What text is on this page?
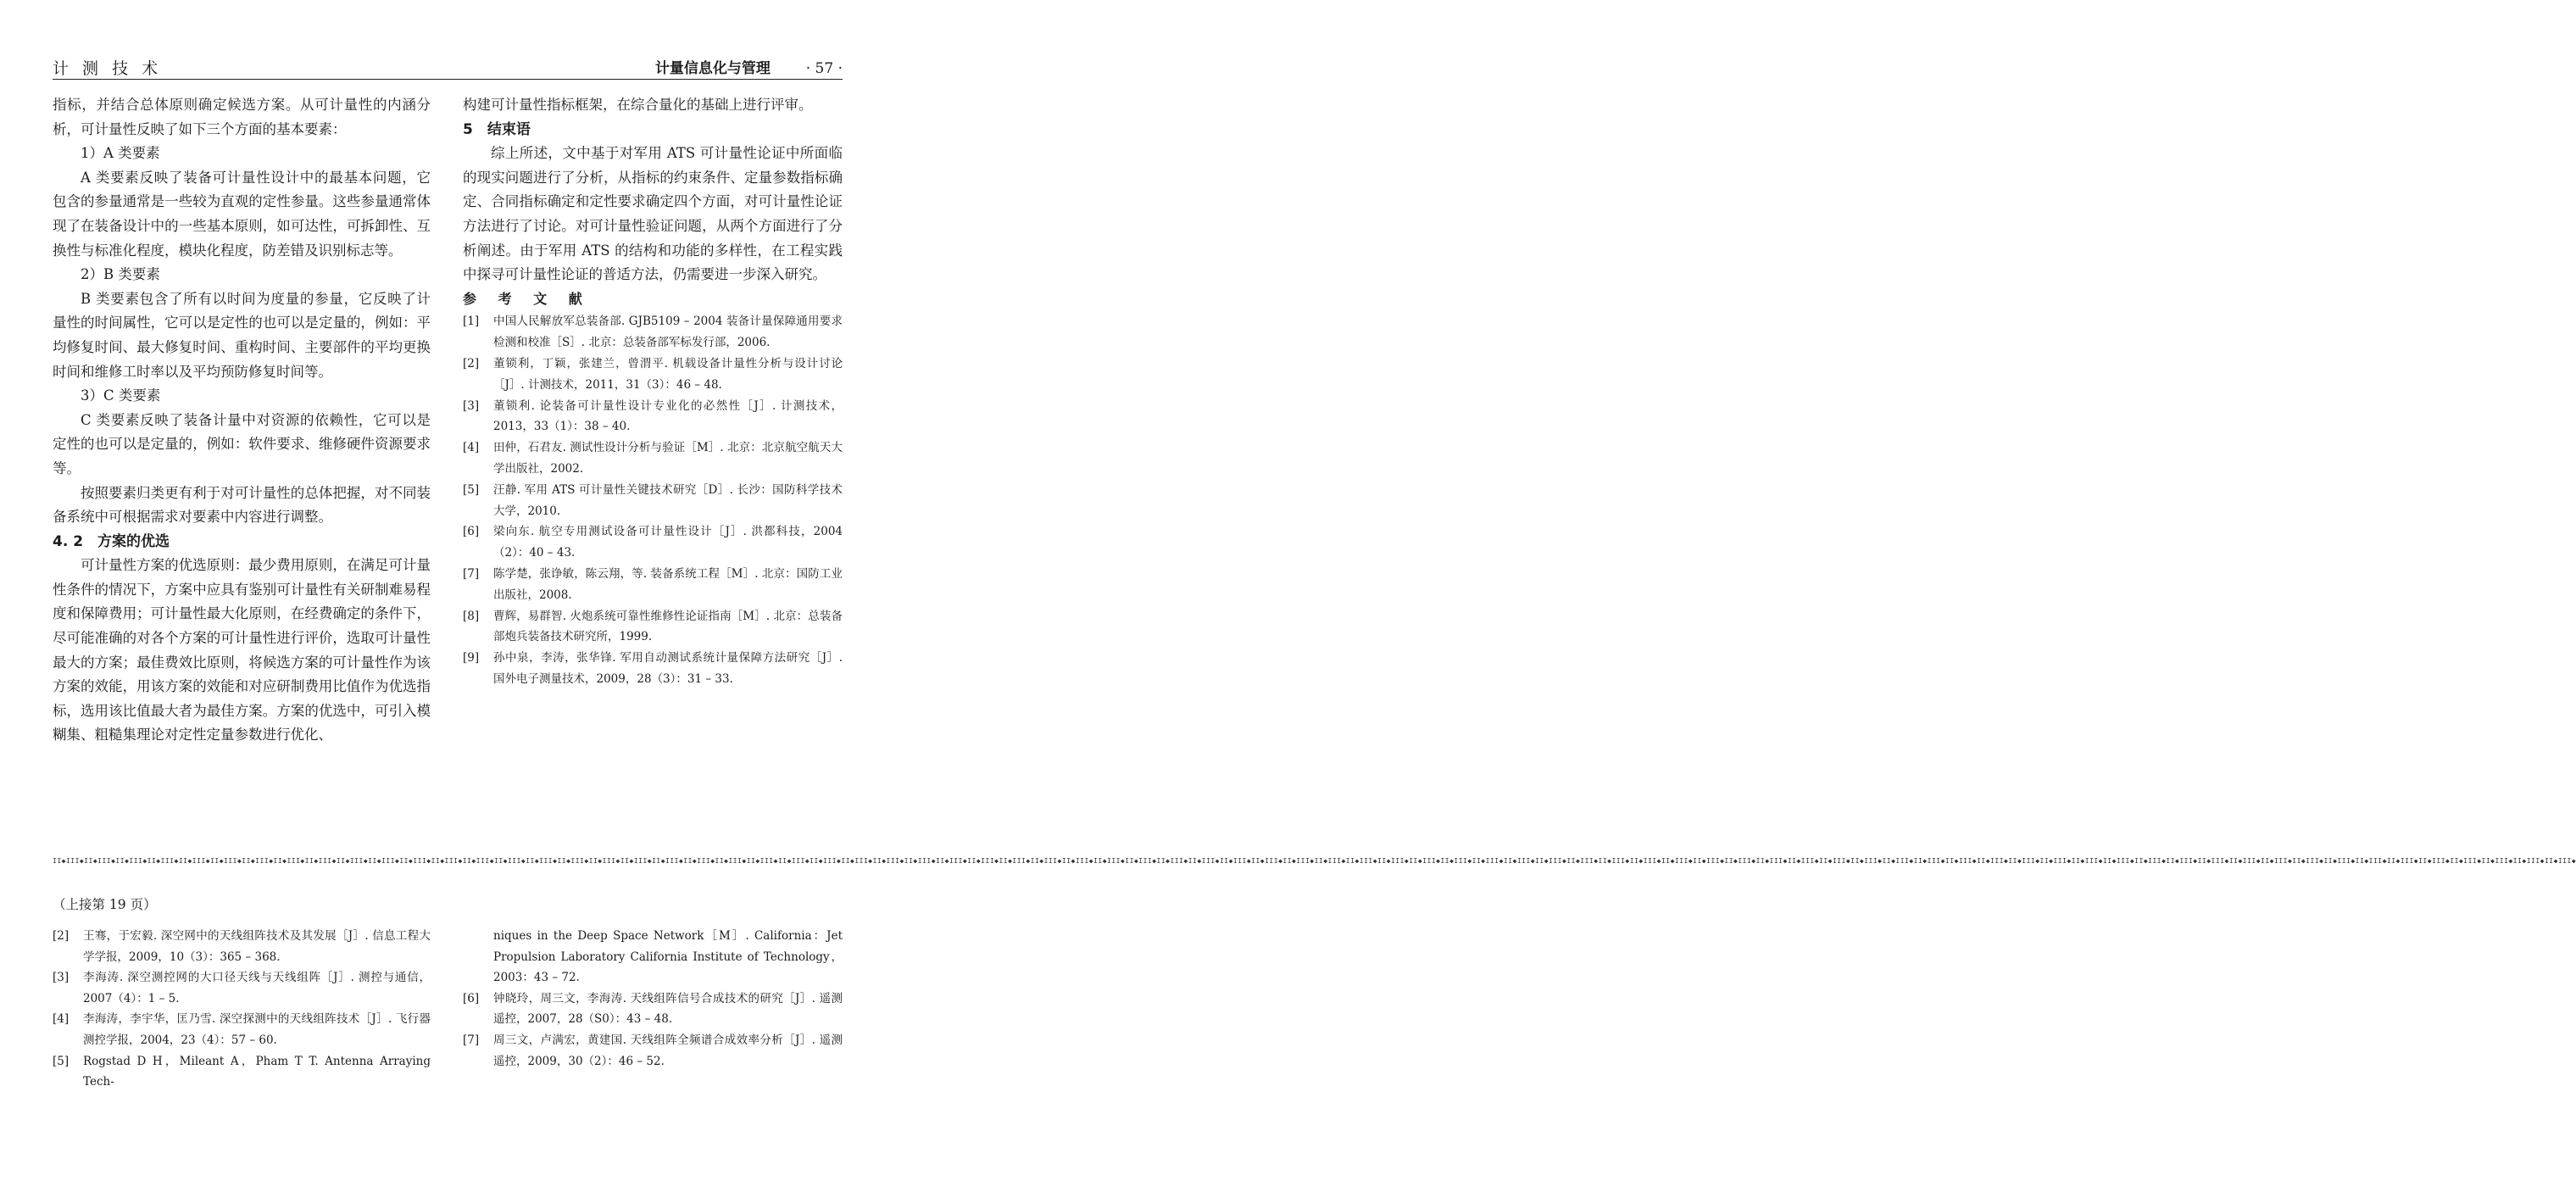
计 测 技 术	计量信息化与管理 · 57 ·

指标，并结合总体原则确定候选方案。从可计量性的内涵分析，可计量性反映了如下三个方面的基本要素：

1）A 类要素

A 类要素反映了装备可计量性设计中的最基本问题，它包含的参量通常是一些较为直观的定性参量。这些参量通常体现了在装备设计中的一些基本原则，如可达性，可拆卸性、互换性与标准化程度，模块化程度，防差错及识别标志等。

2）B 类要素

B 类要素包含了所有以时间为度量的参量，它反映了计量性的时间属性，它可以是定性的也可以是定量的，例如：平均修复时间、最大修复时间、重构时间、主要部件的平均更换时间和维修工时率以及平均预防修复时间等。

3）C 类要素

C 类要素反映了装备计量中对资源的依赖性，它可以是定性的也可以是定量的，例如：软件要求、维修硬件资源要求等。

按照要素归类更有利于对可计量性的总体把握，对不同装备系统中可根据需求对要素中内容进行调整。

4. 2　方案的优选

可计量性方案的优选原则：最少费用原则，在满足可计量性条件的情况下，方案中应具有鉴别可计量性有关研制难易程度和保障费用；可计量性最大化原则，在经费确定的条件下，尽可能准确的对各个方案的可计量性进行评价，选取可计量性最大的方案；最佳费效比原则，将候选方案的可计量性作为该方案的效能，用该方案的效能和对应研制费用比值作为优选指标，选用该比值最大者为最佳方案。方案的优选中，可引入模糊集、粗糙集理论对定性定量参数进行优化、

构建可计量性指标框架，在综合量化的基础上进行评审。

5　结束语

综上所述，文中基于对军用 ATS 可计量性论证中所面临的现实问题进行了分析，从指标的约束条件、定量参数指标确定、合同指标确定和定性要求确定四个方面，对可计量性论证方法进行了讨论。对可计量性验证问题，从两个方面进行了分析阐述。由于军用 ATS 的结构和功能的多样性，在工程实践中探寻可计量性论证的普适方法，仍需要进一步深入研究。

参 考 文 献

[1]	中国人民解放军总装备部. GJB5109 – 2004 装备计量保障通用要求检测和校准［S］. 北京：总装备部军标发行部，2006.
[2]	董锁利，丁颖，张建兰，曾渭平. 机载设备计量性分析与设计讨论［J］. 计测技术，2011，31（3）：46 – 48.
[3]	董锁利. 论装备可计量性设计专业化的必然性［J］. 计测技术，2013，33（1）：38 – 40.
[4]	田仲，石君友. 测试性设计分析与验证［M］. 北京：北京航空航天大学出版社，2002.
[5]	汪静. 军用 ATS 可计量性关键技术研究［D］. 长沙：国防科学技术大学，2010.
[6]	梁向东. 航空专用测试设备可计量性设计［J］. 洪都科技，2004（2）：40 – 43.
[7]	陈学楚，张诤敏，陈云翔，等. 装备系统工程［M］. 北京：国防工业出版社，2008.
[8]	曹辉，易群智. 火炮系统可靠性维修性论证指南［M］. 北京：总装备部炮兵装备技术研究所，1999.
[9]	孙中泉，李涛，张华锋. 军用自动测试系统计量保障方法研究［J］. 国外电子测量技术，2009，28（3）：31 – 33.
II◆III◆II◆III◆II◆III◆II◆III◆II◆III◆II◆III◆II◆III◆II◆III◆II◆III◆II◆III◆II◆III◆II◆III◆II◆III◆II◆III◆II◆III◆II◆III◆II◆III◆II◆III◆II◆III◆II◆III◆II◆III◆II◆III◆II◆III◆II◆III◆II◆III◆II◆III◆II◆III◆II◆III◆II◆III◆II◆III◆II◆III◆II◆III◆II◆III◆II◆III◆II◆III◆II◆III◆II◆III◆II◆III◆II◆III◆II◆III◆II◆III◆II◆III◆II◆III◆II◆III◆II◆III◆II◆III◆II◆III◆II◆III◆II◆III◆II◆III◆II◆III◆II◆III◆II◆III◆II◆III◆II◆III◆II◆III◆II◆III◆II◆III◆II◆III◆II◆III◆II◆III◆II◆III◆II◆III◆II◆III◆II◆III◆II◆III◆II◆III◆II◆III◆II◆III◆II◆III◆II◆III◆II◆III◆II◆III◆II◆III◆II◆III◆II◆III◆II◆III◆II◆III◆II◆III◆II◆III◆
（上接第 19 页）
[2]	王骞，于宏毅. 深空网中的天线组阵技术及其发展［J］. 信息工程大学学报，2009，10（3）：365 – 368.
[3]	李海涛. 深空测控网的大口径天线与天线组阵［J］. 测控与通信，2007（4）：1 – 5.
[4]	李海涛，李宇华，匡乃雪. 深空探测中的天线组阵技术［J］. 飞行器测控学报，2004，23（4）：57 – 60.
[5]	Rogstad D H，Mileant A，Pham T T. Antenna Arraying Tech-
niques in the Deep Space Network［M］. California：Jet Propulsion Laboratory California Institute of Technology，2003：43 – 72.
[6]	钟晓玲，周三文，李海涛. 天线组阵信号合成技术的研究［J］. 遥测遥控，2007，28（S0）：43 – 48.
[7]	周三文，卢满宏，黄建国. 天线组阵全频谱合成效率分析［J］. 遥测遥控，2009，30（2）：46 – 52.
